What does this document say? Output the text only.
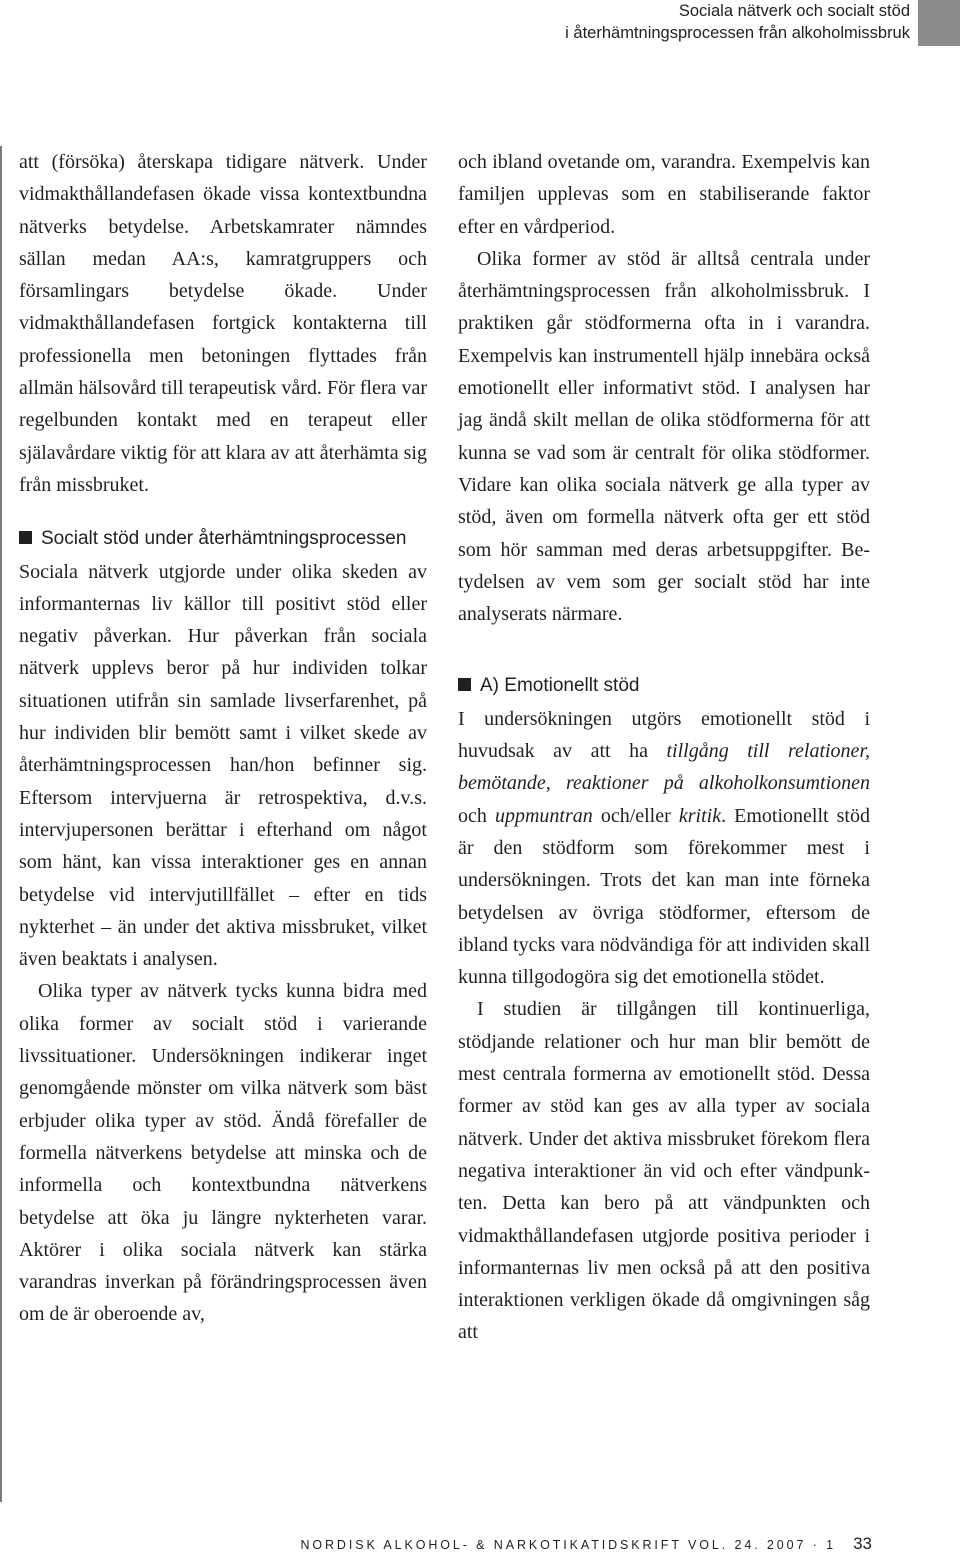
Sociala nätverk och socialt stöd
i återhämtningsprocessen från alkoholmissbruk

att (försöka) återskapa tidigare nätverk. Under vidmakthållandefasen ökade vissa kontextbundna nätverks betydelse. Arbetskamrater nämndes sällan medan AA:s, kamratgruppers och församlingars betydelse ökade. Under vidmakthållandefasen fortgick kontakterna till professionella men betoningen flyttades från allmän hälsovård till terapeutisk vård. För flera var regelbunden kontakt med en terapeut eller själavårdare viktig för att klara av att återhämta sig från missbruket.

Socialt stöd under återhämtningsprocessen

Sociala nätverk utgjorde under olika skeden av informanternas liv källor till positivt stöd eller negativ påverkan. Hur påverkan från sociala nätverk upplevs beror på hur individen tolkar situationen utifrån sin samlade livserfarenhet, på hur individen blir bemött samt i vilket skede av återhämtningsprocessen han/hon befinner sig. Eftersom intervjuerna är retrospektiva, d.v.s. intervjupersonen berättar i efterhand om något som hänt, kan vissa interaktioner ges en annan betydelse vid intervjutillfället – efter en tids nykterhet – än under det aktiva missbruket, vilket även beaktats i analysen.

Olika typer av nätverk tycks kunna bidra med olika former av socialt stöd i varierande livssituationer. Undersökningen indikerar inget genomgående mönster om vilka nätverk som bäst erbjuder olika typer av stöd. Ändå förefaller de formella nätverkens betydelse att minska och de informella och kontextbundna nätverkens betydelse att öka ju längre nykterheten varar. Aktörer i olika sociala nätverk kan stärka varandras inverkan på förändringsprocessen även om de är oberoende av,

och ibland ovetande om, varandra. Exempelvis kan familjen upplevas som en stabiliserande faktor efter en vårdperiod.

Olika former av stöd är alltså centrala under återhämtningsprocessen från alkoholmissbruk. I praktiken går stödformerna ofta in i varandra. Exempelvis kan instrumentell hjälp innebära också emotionellt eller informativt stöd. I analysen har jag ändå skilt mellan de olika stödformerna för att kunna se vad som är centralt för olika stödformer. Vidare kan olika sociala nätverk ge alla typer av stöd, även om formella nätverk ofta ger ett stöd som hör samman med deras arbetsuppgifter. Betydelsen av vem som ger socialt stöd har inte analyserats närmare.

A) Emotionellt stöd

I undersökningen utgörs emotionellt stöd i huvudsak av att ha tillgång till relationer, bemötande, reaktioner på alkoholkonsumtionen och uppmuntran och/eller kritik. Emotionellt stöd är den stödform som förekommer mest i undersökningen. Trots det kan man inte förneka betydelsen av övriga stödformer, eftersom de ibland tycks vara nödvändiga för att individen skall kunna tillgodogöra sig det emotionella stödet.

I studien är tillgången till kontinuerliga, stödjande relationer och hur man blir bemött de mest centrala formerna av emotionellt stöd. Dessa former av stöd kan ges av alla typer av sociala nätverk. Under det aktiva missbruket förekom flera negativa interaktioner än vid och efter vändpunkten. Detta kan bero på att vändpunkten och vidmakthållandefasen utgjorde positiva perioder i informanternas liv men också på att den positiva interaktionen verkligen ökade då omgivningen såg att

NORDISK ALKOHOL- & NARKOTIKATIDSKRIFT VOL. 24. 2007 · 1 33
